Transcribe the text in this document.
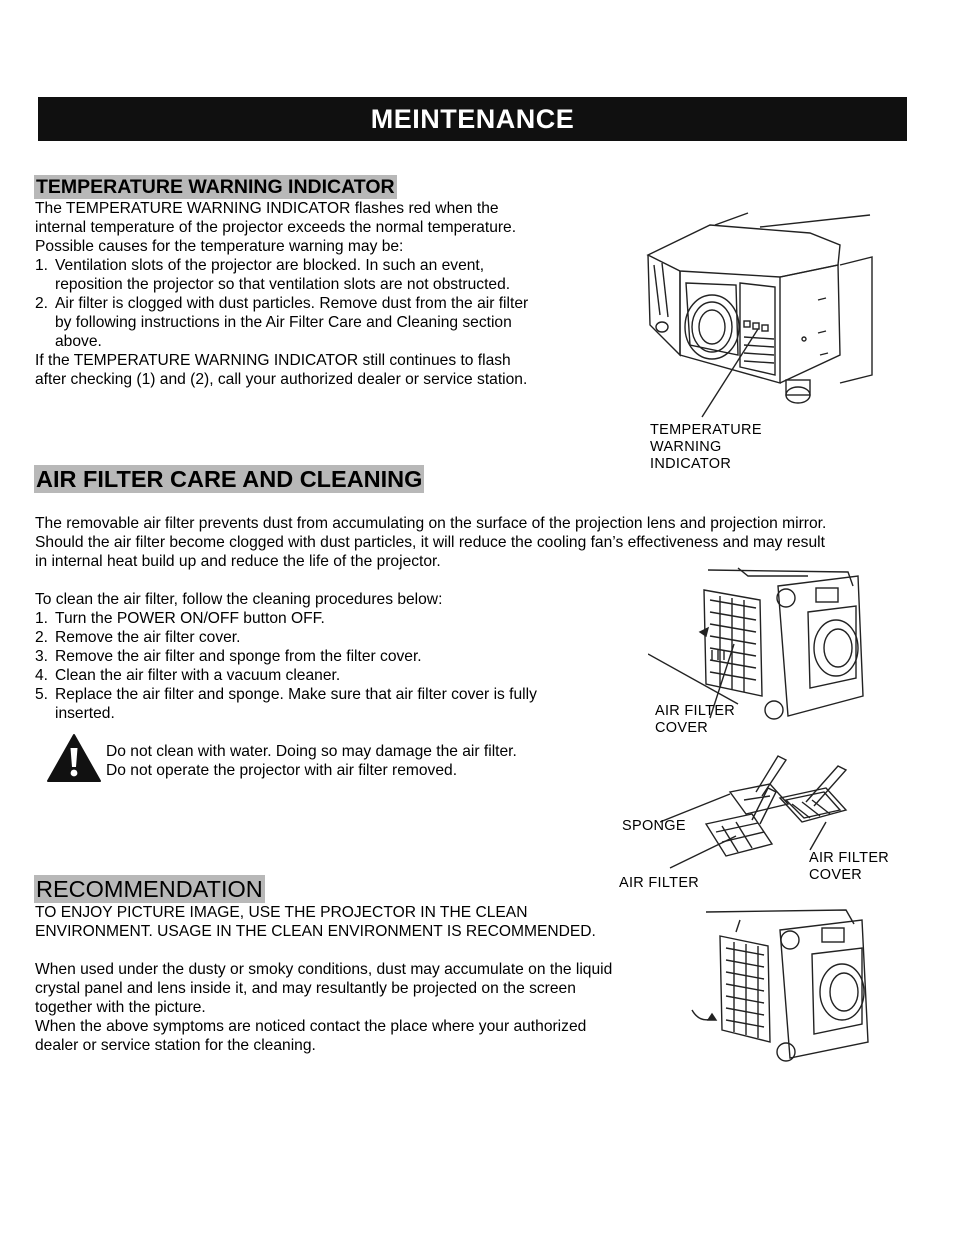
MEINTENANCE
TEMPERATURE WARNING INDICATOR

The TEMPERATURE WARNING INDICATOR flashes red when the

internal temperature of the projector exceeds the normal temperature.

Possible causes for the temperature warning may be:

1. Ventilation slots of the projector are blocked. In such an event,
reposition the projector so that ventilation slots are not obstructed.
2. Air filter is clogged with dust particles. Remove dust from the air filter
by following instructions in the Air Filter Care and Cleaning section
above.

If the TEMPERATURE WARNING INDICATOR still continues to flash

after checking (1) and (2), call your authorized dealer or service station.

TEMPERATURE
WARNING
INDICATOR
AIR FILTER CARE AND CLEANING

The removable air filter prevents dust from accumulating on the surface of the projection lens and projection mirror.

Should the air filter become clogged with dust particles, it will reduce the cooling fan’s effectiveness and may result

in internal heat build up and reduce the life of the projector.

To clean the air filter, follow the cleaning procedures below:

1. Turn the POWER ON/OFF button OFF.
2. Remove the air filter cover.
3. Remove the air filter and sponge from the filter cover.
4. Clean the air filter with a vacuum cleaner.
5. Replace the air filter and sponge. Make sure that air filter cover is fully
inserted.

Do not clean with water. Doing so may damage the air filter.

Do not operate the projector with air filter removed.

AIR FILTER
COVER
SPONGE
AIR FILTER
AIR FILTER
COVER
RECOMMENDATION

TO ENJOY PICTURE IMAGE, USE THE PROJECTOR IN THE CLEAN

ENVIRONMENT. USAGE IN THE CLEAN ENVIRONMENT IS RECOMMENDED.

When used under the dusty or smoky conditions, dust may accumulate on the liquid

crystal panel and lens inside it, and may resultantly be projected on the screen

together with the picture.

When the above symptoms are noticed contact the place where your authorized

dealer or service station for the cleaning.
